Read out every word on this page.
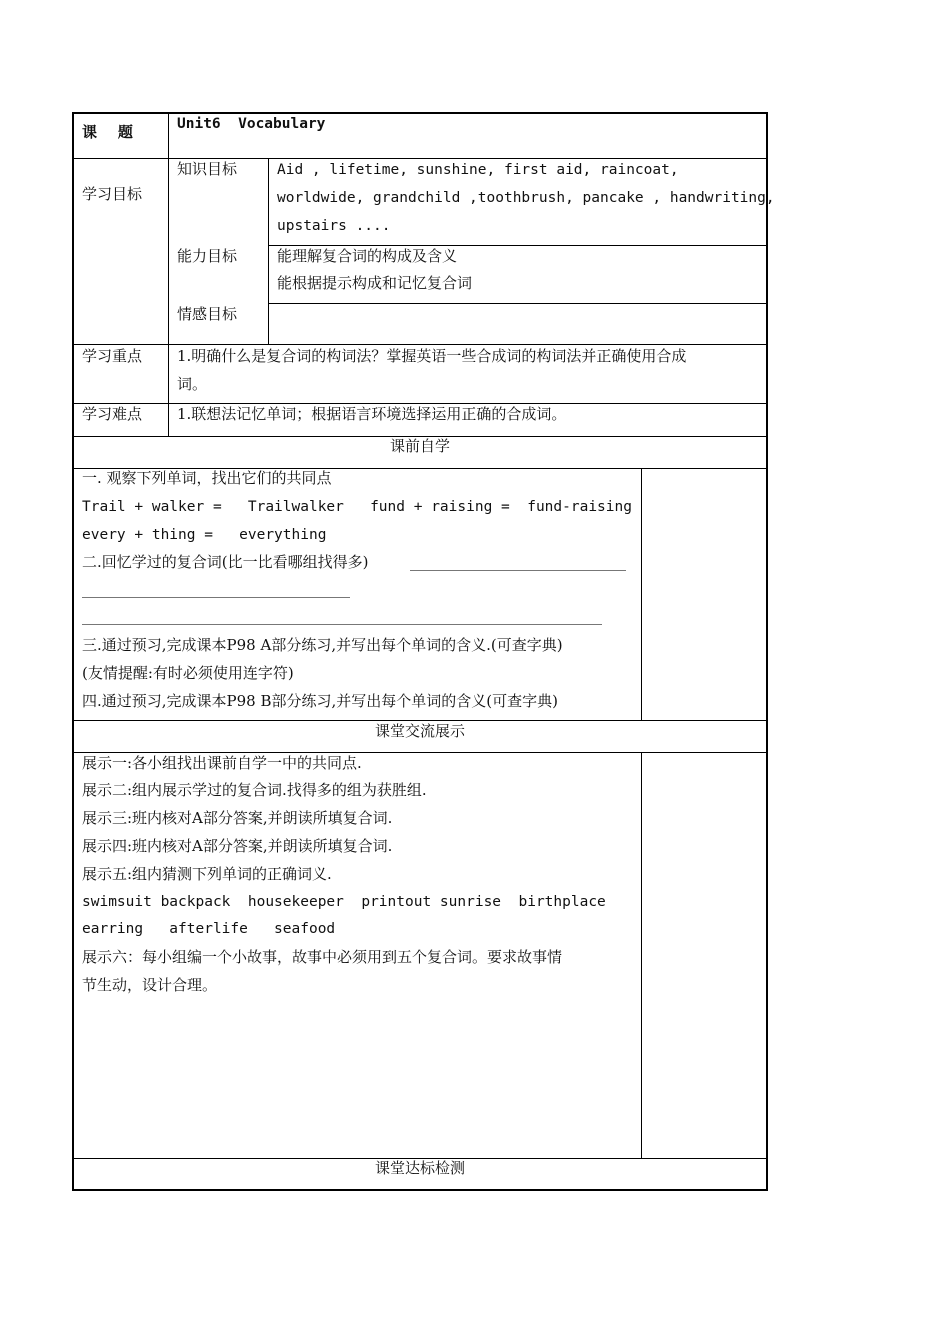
课    题	Unit6  Vocabulary
学习目标
知识目标	Aid , lifetime, sunshine, first aid, raincoat,
worldwide, grandchild ,toothbrush, pancake , handwriting,
upstairs ....
能力目标	能理解复合词的构成及含义
能根据提示构成和记忆复合词
情感目标
学习重点 1.明确什么是复合词的构词法？掌握英语一些合成词的构词法并正确使用合成
词。
学习难点 1.联想法记忆单词；根据语言环境选择运用正确的合成词。
课前自学
一. 观察下列单词，找出它们的共同点
Trail + walker =   Trailwalker   fund + raising =  fund-raising
every + thing =   everything
二.回忆学过的复合词(比一比看哪组找得多)
三.通过预习,完成课本P98 A部分练习,并写出每个单词的含义.(可查字典)
(友情提醒:有时必须使用连字符)
四.通过预习,完成课本P98 B部分练习,并写出每个单词的含义(可查字典)
课堂交流展示
展示一:各小组找出课前自学一中的共同点.
展示二:组内展示学过的复合词.找得多的组为获胜组.
展示三:班内核对A部分答案,并朗读所填复合词.
展示四:班内核对A部分答案,并朗读所填复合词.
展示五:组内猜测下列单词的正确词义.
swimsuit backpack  housekeeper  printout sunrise  birthplace
earring   afterlife   seafood
展示六：每小组编一个小故事，故事中必须用到五个复合词。要求故事情
节生动，设计合理。
课堂达标检测
